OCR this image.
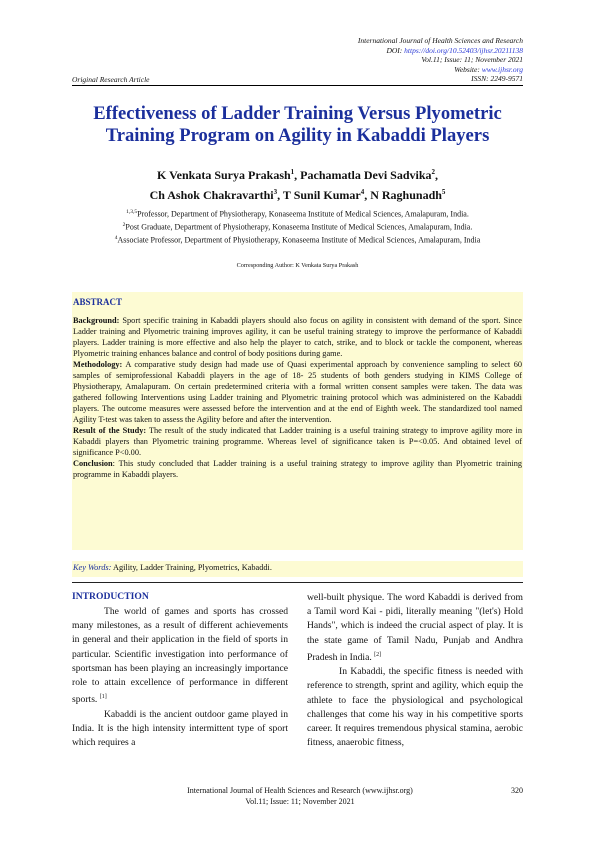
International Journal of Health Sciences and Research
DOI: https://doi.org/10.52403/ijhsr.20211138
Vol.11; Issue: 11; November 2021
Website: www.ijhsr.org
ISSN: 2249-9571
Original Research Article
Effectiveness of Ladder Training Versus Plyometric Training Program on Agility in Kabaddi Players
K Venkata Surya Prakash$^1$, Pachamatla Devi Sadvika$^2$,
Ch Ashok Chakravarthi$^3$, T Sunil Kumar$^4$, N Raghunadh$^5$
$^{1,3,5}$Professor, Department of Physiotherapy, Konaseema Institute of Medical Sciences, Amalapuram, India.
$^2$Post Graduate, Department of Physiotherapy, Konaseema Institute of Medical Sciences, Amalapuram, India.
$^4$Associate Professor, Department of Physiotherapy, Konaseema Institute of Medical Sciences, Amalapuram, India
Corresponding Author: K Venkata Surya Prakash
ABSTRACT

Background: Sport specific training in Kabaddi players should also focus on agility in consistent with demand of the sport. Since Ladder training and Plyometric training improves agility, it can be useful training strategy to improve the performance of Kabaddi players. Ladder training is more effective and also help the player to catch, strike, and to block or tackle the component, whereas Plyometric training enhances balance and control of body positions during game.

Methodology: A comparative study design had made use of Quasi experimental approach by convenience sampling to select 60 samples of semiprofessional Kabaddi players in the age of 18- 25 students of both genders studying in KIMS College of Physiotherapy, Amalapuram. On certain predetermined criteria with a formal written consent samples were taken. The data was gathered following Interventions using Ladder training and Plyometric training protocol which was administered on the Kabaddi players. The outcome measures were assessed before the intervention and at the end of Eighth week. The standardized tool named Agility T-test was taken to assess the Agility before and after the intervention.

Result of the Study: The result of the study indicated that Ladder training is a useful training strategy to improve agility more in Kabaddi players than Plyometric training programme. Whereas level of significance taken is P=<0.05. And obtained level of significance P<0.00.

Conclusion: This study concluded that Ladder training is a useful training strategy to improve agility than Plyometric training programme in Kabaddi players.

Key Words: Agility, Ladder Training, Plyometrics, Kabaddi.
INTRODUCTION

The world of games and sports has crossed many milestones, as a result of different achievements in general and their application in the field of sports in particular. Scientific investigation into performance of sportsman has been playing an increasingly importance role to attain excellence of performance in different sports. [1]

Kabaddi is the ancient outdoor game played in India. It is the high intensity intermittent type of sport which requires a

well-built physique. The word Kabaddi is derived from a Tamil word Kai - pidi, literally meaning "(let's) Hold Hands", which is indeed the crucial aspect of play. It is the state game of Tamil Nadu, Punjab and Andhra Pradesh in India. [2]

In Kabaddi, the specific fitness is needed with reference to strength, sprint and agility, which equip the athlete to face the physiological and psychological challenges that come his way in his competitive sports career. It requires tremendous physical stamina, aerobic fitness, anaerobic fitness,

International Journal of Health Sciences and Research (www.ijhsr.org)
Vol.11; Issue: 11; November 2021
320
